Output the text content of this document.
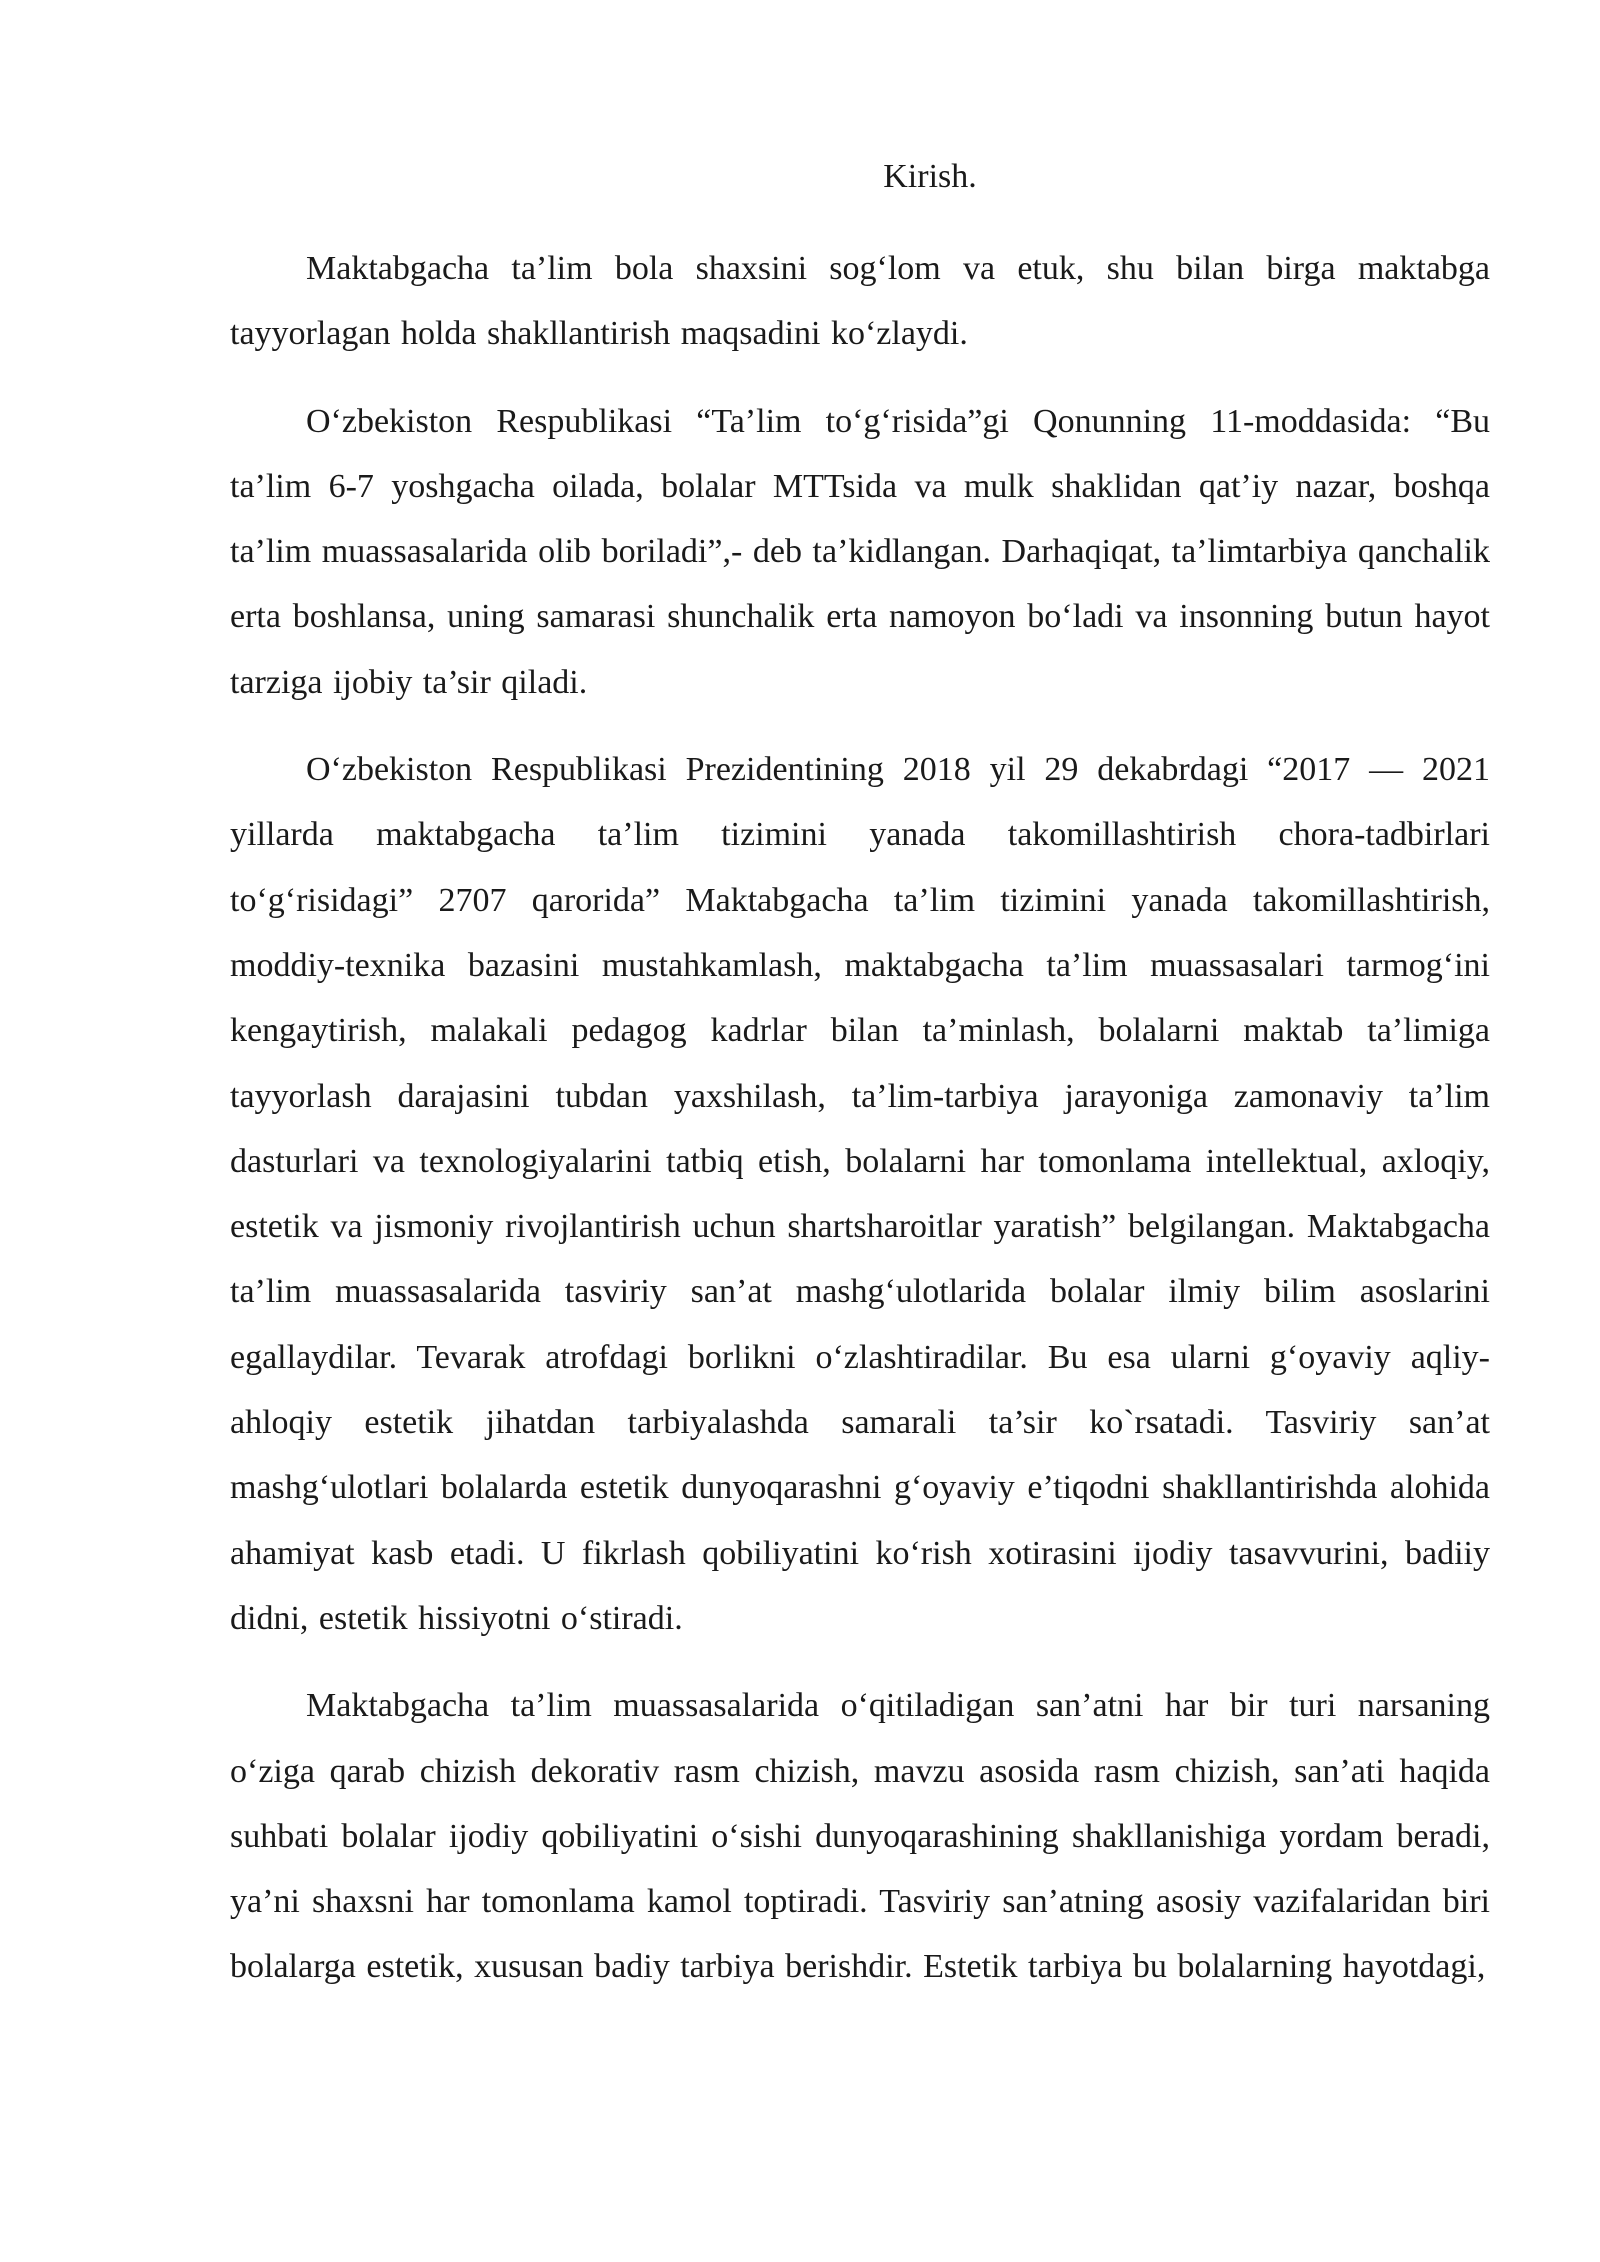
Kirish.

Maktabgacha ta’lim bola shaxsini sog‘lom va etuk, shu bilan birga maktabga tayyorlagan holda shakllantirish maqsadini ko‘zlaydi.

O‘zbekiston Respublikasi “Ta’lim to‘g‘risida”gi Qonunning 11-moddasida: “Bu ta’lim 6-7 yoshgacha oilada, bolalar MTTsida va mulk shaklidan qat’iy nazar, boshqa ta’lim muassasalarida olib boriladi”,- deb ta’kidlangan. Darhaqiqat, ta’limtarbiya qanchalik erta boshlansa, uning samarasi shunchalik erta namoyon bo‘ladi va insonning butun hayot tarziga ijobiy ta’sir qiladi.

O‘zbekiston Respublikasi Prezidentining 2018 yil 29 dekabrdagi “2017 — 2021 yillarda maktabgacha ta’lim tizimini yanada takomillashtirish chora-tadbirlari to‘g‘risidagi” 2707 qarorida” Maktabgacha ta’lim tizimini yanada takomillashtirish, moddiy-texnika bazasini mustahkamlash, maktabgacha ta’lim muassasalari tarmog‘ini kengaytirish, malakali pedagog kadrlar bilan ta’minlash, bolalarni maktab ta’limiga tayyorlash darajasini tubdan yaxshilash, ta’lim-tarbiya jarayoniga zamonaviy ta’lim dasturlari va texnologiyalarini tatbiq etish, bolalarni har tomonlama intellektual, axloqiy, estetik va jismoniy rivojlantirish uchun shartsharoitlar yaratish” belgilangan. Maktabgacha ta’lim muassasalarida tasviriy san’at mashg‘ulotlarida bolalar ilmiy bilim asoslarini egallaydilar. Tevarak atrofdagi borlikni o‘zlashtiradilar. Bu esa ularni g‘oyaviy aqliy-ahloqiy estetik jihatdan tarbiyalashda samarali ta’sir ko`rsatadi. Tasviriy san’at mashg‘ulotlari bolalarda estetik dunyoqarashni g‘oyaviy e’tiqodni shakllantirishda alohida ahamiyat kasb etadi. U fikrlash qobiliyatini ko‘rish xotirasini ijodiy tasavvurini, badiiy didni, estetik hissiyotni o‘stiradi.

Maktabgacha ta’lim muassasalarida o‘qitiladigan san’atni har bir turi narsaning o‘ziga qarab chizish dekorativ rasm chizish, mavzu asosida rasm chizish, san’ati haqida suhbati bolalar ijodiy qobiliyatini o‘sishi dunyoqarashining shakllanishiga yordam beradi, ya’ni shaxsni har tomonlama kamol toptiradi. Tasviriy san’atning asosiy vazifalaridan biri bolalarga estetik, xususan badiy tarbiya berishdir. Estetik tarbiya bu bolalarning hayotdagi,
